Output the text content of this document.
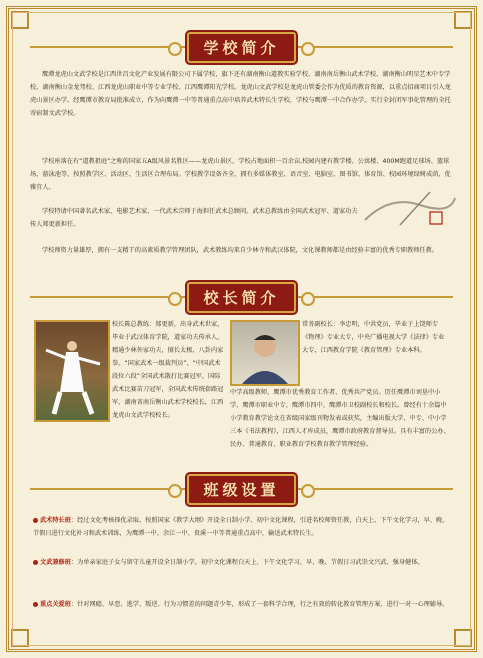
学校简介
鹰潭龙虎山文武学校是江西世昌文化产业发展有限公司下属学校，旗下还有湖南衡山道教实验学校、湖南南岳衡山武术学校、湖南衡山明星艺术中专学校、湖南衡山金龙驾校、江西龙虎山职业中等专业学校、江西鹰潭阳光学校。龙虎山文武学校是龙虎山管委会作为优质的教育资源，以重点招商项目引入龙虎山景区办学。经鹰潭市教育局批准成立，作为向鹰潭一中等普通重点高中培养武术特长生学校，学校与鹰潭一中合作办学，实行全封闭军事化管理的全托寄宿制文武学校。
学校座落在有“道教祖庭”之称的国家五A级风景名胜区——龙虎山景区，学校占地面积一百余亩,校园内建有教学楼、公寓楼、400M跑道足球场、篮球场、游泳池等，按照教学区、活动区、生活区合理布局。学校教学设备齐全，拥有多媒体教室、语音室、电脑室、图书馆、体育馆、校园环境绿树成荫，优雅宜人。
学校特请中国著名武术家、电影艺术家、一代武术宗师于海担任武术总顾问。武术总教练由全国武术冠军、道家功夫传人郑更新担任。
学校师资力量雄厚，拥有一支精干的高素质教学管理团队，武术教练均来自少林寺和武汉体院，文化课教师都是由经验丰富的优秀专职教师任教。
校长简介
校长陈总教练：郑更新，出身武术世家，毕业于武汉体育学院，道家功夫传承人，精通少林外家功夫，擅长太极、八卦内家拳。“国家武术一级裁判员”、“中国武术段位六段”全国武术散打比赛冠军，国际武术比赛苗刀冠军，全国武术传统套路冠军，湖南省南岳衡山武术学校校长，江西龙虎山文武学校校长。
常务副校长：李忠明，中共党员，毕业于上饶师专《物理》专业大专，中央广播电视大学《法律》专业大专，江西教育学院《教育管理》专业本科。
中学高级教师，鹰潭市优秀教育工作者，优秀共产党员。历任鹰潭市刘垦中小学、鹰潭市职业中专、鹰潭市四中、鹰潭市卫校副校长和校长。曾经有十余篇中小学教育教学论文在省级国家级刊物发表或获奖，主编出版大学、中专、中小学三本《书法教程》，江西人才库成员，鹰潭市政府教育督导员。具有丰富的公办、民办、普通教育、职业教育学校教育教学管理经验。
班级设置
武术特长班：经过文化考核择优录取。按照国家《教学大纲》开设全日制小学、初中文化课程，引进名校师资任教，白天上、下午文化学习，早、晚、节假日进行文化补习和武术训练，为鹰潭一中、余江一中、贵溪一中等普通重点高中，输送武术特长生。
文武兼修班：为单亲家庭子女与留守儿童开设全日制小学、初中文化课程白天上、下午文化学习，早、晚、节假日习武崇文兴武、强身健体。
重点关爱班：针对网瘾、早恋、逃学、叛逆、行为习惯差的问题青少年，形成了一套科学合理，行之有效的转化教育管理方案，进行一对一心理辅导。
